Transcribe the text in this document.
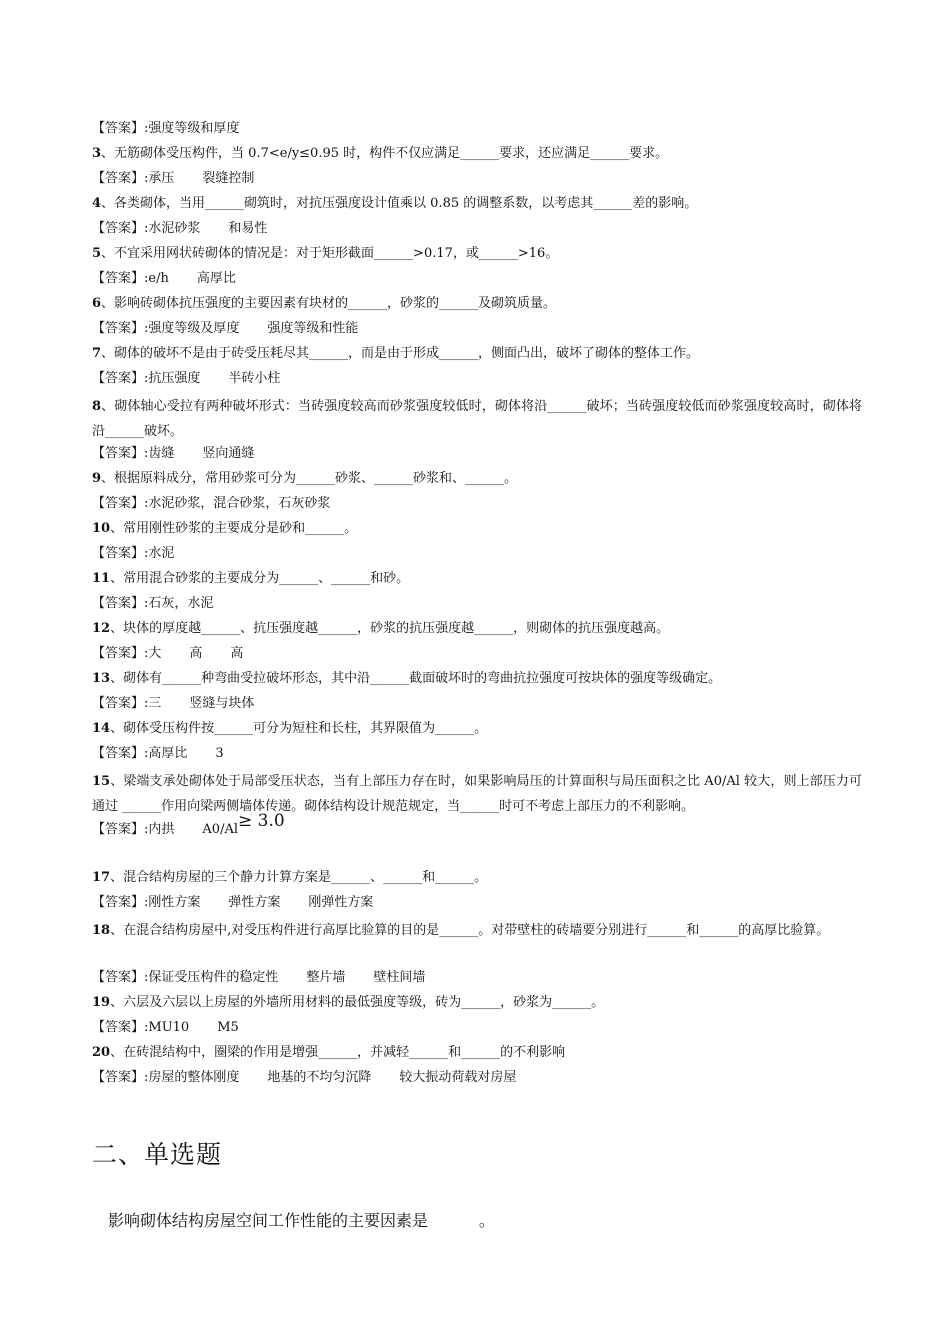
【答案】:强度等级和厚度
3、无筋砌体受压构件，当 0.7<e/y≤0.95 时，构件不仅应满足______要求，还应满足______要求。
【答案】:承压 裂缝控制
4、各类砌体，当用______砌筑时，对抗压强度设计值乘以 0.85 的调整系数，以考虑其______差的影响。
【答案】:水泥砂浆 和易性
5、不宜采用网状砖砌体的情况是：对于矩形截面______>0.17，或______>16。
【答案】:e/h 高厚比
6、影响砖砌体抗压强度的主要因素有块材的______，砂浆的______及砌筑质量。
【答案】:强度等级及厚度 强度等级和性能
7、砌体的破坏不是由于砖受压耗尽其______，而是由于形成______，侧面凸出，破坏了砌体的整体工作。
【答案】:抗压强度 半砖小柱
8、砌体轴心受拉有两种破坏形式：当砖强度较高而砂浆强度较低时，砌体将沿______破坏；当砖强度较低而砂浆强度较高时，砌体将沿______破坏。
【答案】:齿缝 竖向通缝
9、根据原料成分，常用砂浆可分为______砂浆、______砂浆和、______。
【答案】:水泥砂浆，混合砂浆，石灰砂浆
10、常用刚性砂浆的主要成分是砂和______。
【答案】:水泥
11、常用混合砂浆的主要成分为______、______和砂。
【答案】:石灰，水泥
12、块体的厚度越______、抗压强度越______，砂浆的抗压强度越______，则砌体的抗压强度越高。
【答案】:大 高 高
13、砌体有______种弯曲受拉破坏形态，其中沿______截面破坏时的弯曲抗拉强度可按块体的强度等级确定。
【答案】:三 竖缝与块体
14、砌体受压构件按______可分为短柱和长柱，其界限值为______。
【答案】:高厚比 3
15、梁端支承处砌体处于局部受压状态，当有上部压力存在时，如果影响局压的计算面积与局压面积之比 A0/Al 较大，则上部压力可通过 ______作用向梁两侧墙体传递。砌体结构设计规范规定，当______时可不考虑上部压力的不利影响。
【答案】:内拱 A0/Al≥ 3.0
17、混合结构房屋的三个静力计算方案是______、______和______。
【答案】:刚性方案 弹性方案 刚弹性方案
18、在混合结构房屋中,对受压构件进行高厚比验算的目的是______。对带壁柱的砖墙要分别进行______和______的高厚比验算。
【答案】:保证受压构件的稳定性 整片墙 壁柱间墙
19、六层及六层以上房屋的外墙所用材料的最低强度等级，砖为______，砂浆为______。
【答案】:MU10 M5
20、在砖混结构中，圈梁的作用是增强______，并减轻______和______的不利影响
【答案】:房屋的整体刚度 地基的不均匀沉降 较大振动荷载对房屋
二、单选题
影响砌体结构房屋空间工作性能的主要因素是          。
